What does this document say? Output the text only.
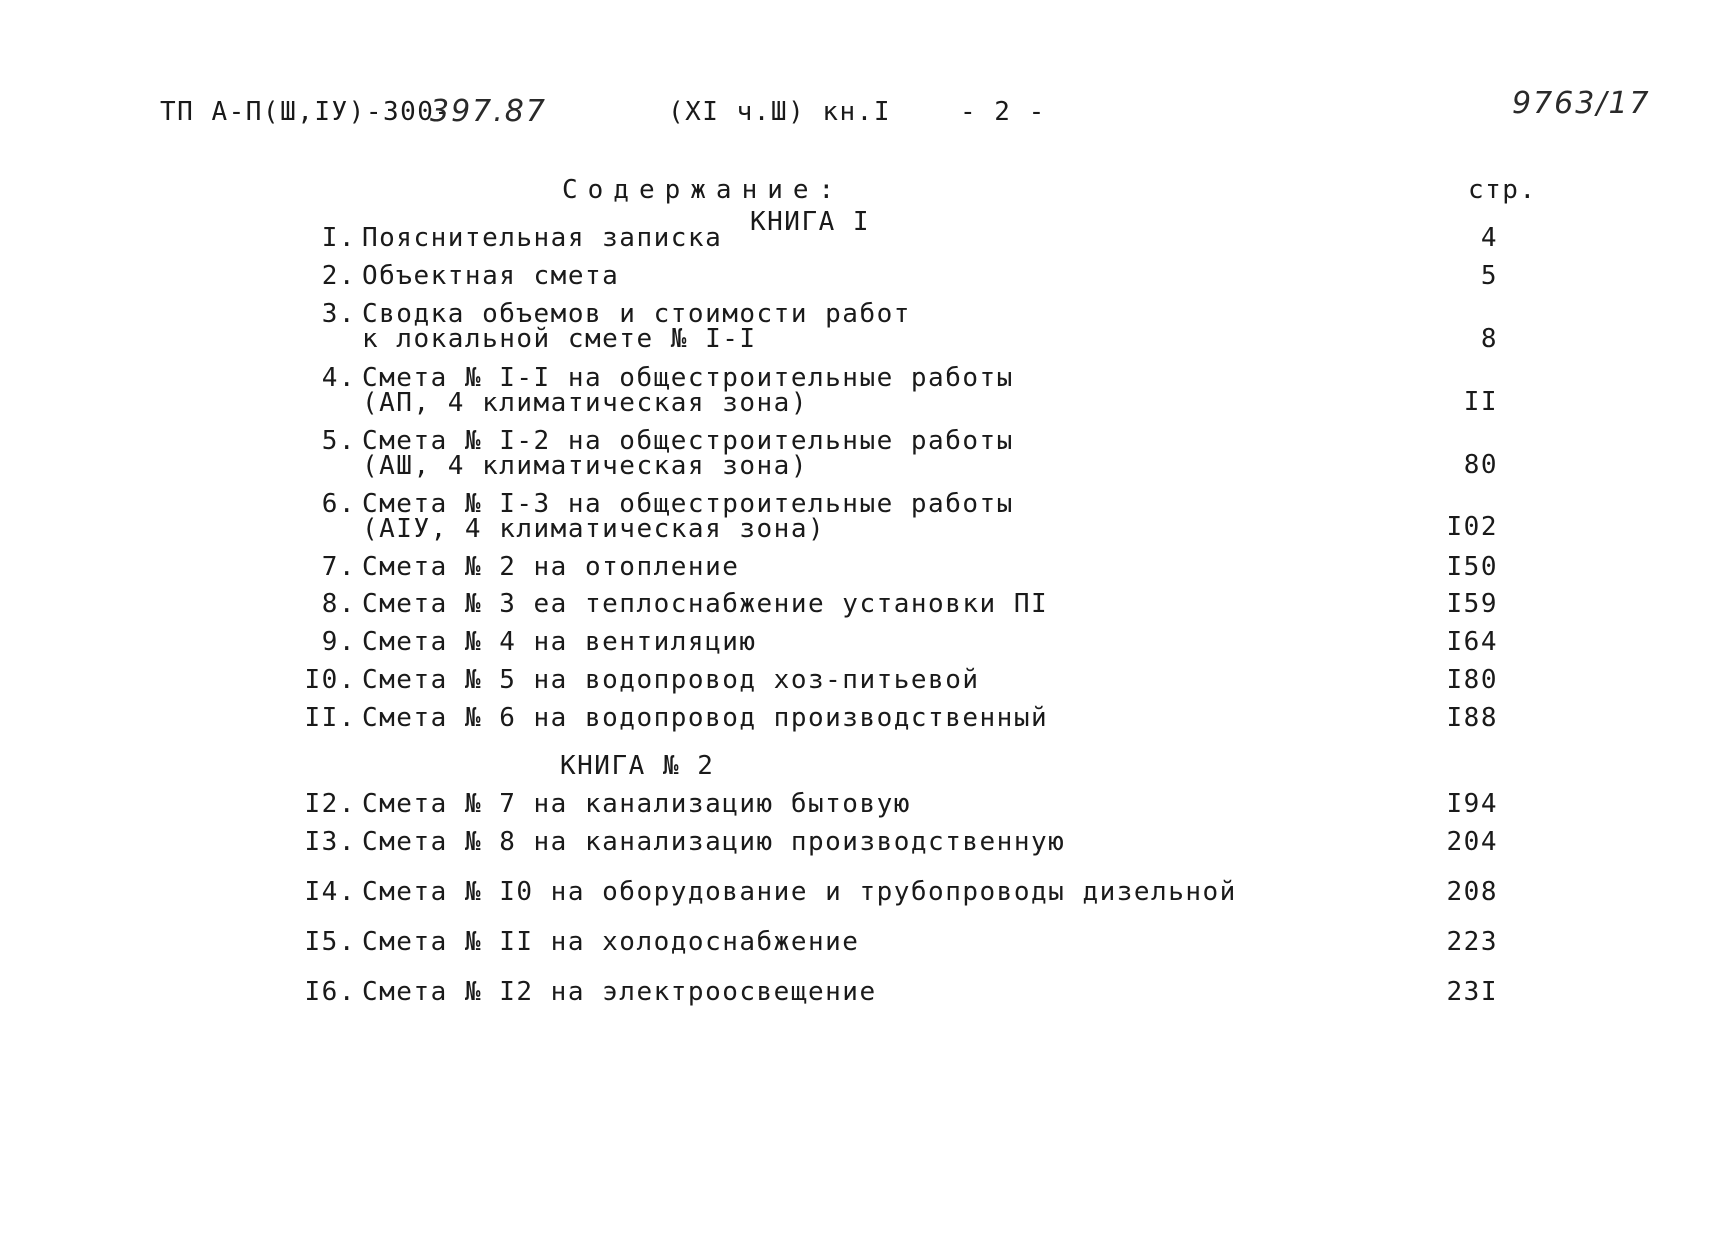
ТП А-П(Ш,IУ)-300-
397.87	(XI ч.Ш) кн.I	- 2 -	9763/17
Содержание:	стр.
КНИГА I
КНИГА № 2
I. Пояснительная записка	4
2. Объектная смета	5
3. Сводка объемов и стоимости работ
к локальной смете № I-I	8
4. Смета № I-I на общестроительные работы
(АП, 4 климатическая зона)	II
5. Смета № I-2 на общестроительные работы
(АШ, 4 климатическая зона)	80
6. Смета № I-3 на общестроительные работы
(АIУ, 4 климатическая зона)	I02
7. Смета № 2 на отопление	I50
8. Смета № 3 еа теплоснабжение установки ПI	I59
9. Смета № 4 на вентиляцию	I64
I0. Смета № 5 на водопровод хоз-питьевой	I80
II. Смета № 6 на водопровод производственный	I88
I2. Смета № 7 на канализацию бытовую	I94
I3. Смета № 8 на канализацию производственную	204
I4. Смета № I0 на оборудование и трубопроводы дизельной	208
I5. Смета № II на холодоснабжение	223
I6. Смета № I2 на электроосвещение	23I
